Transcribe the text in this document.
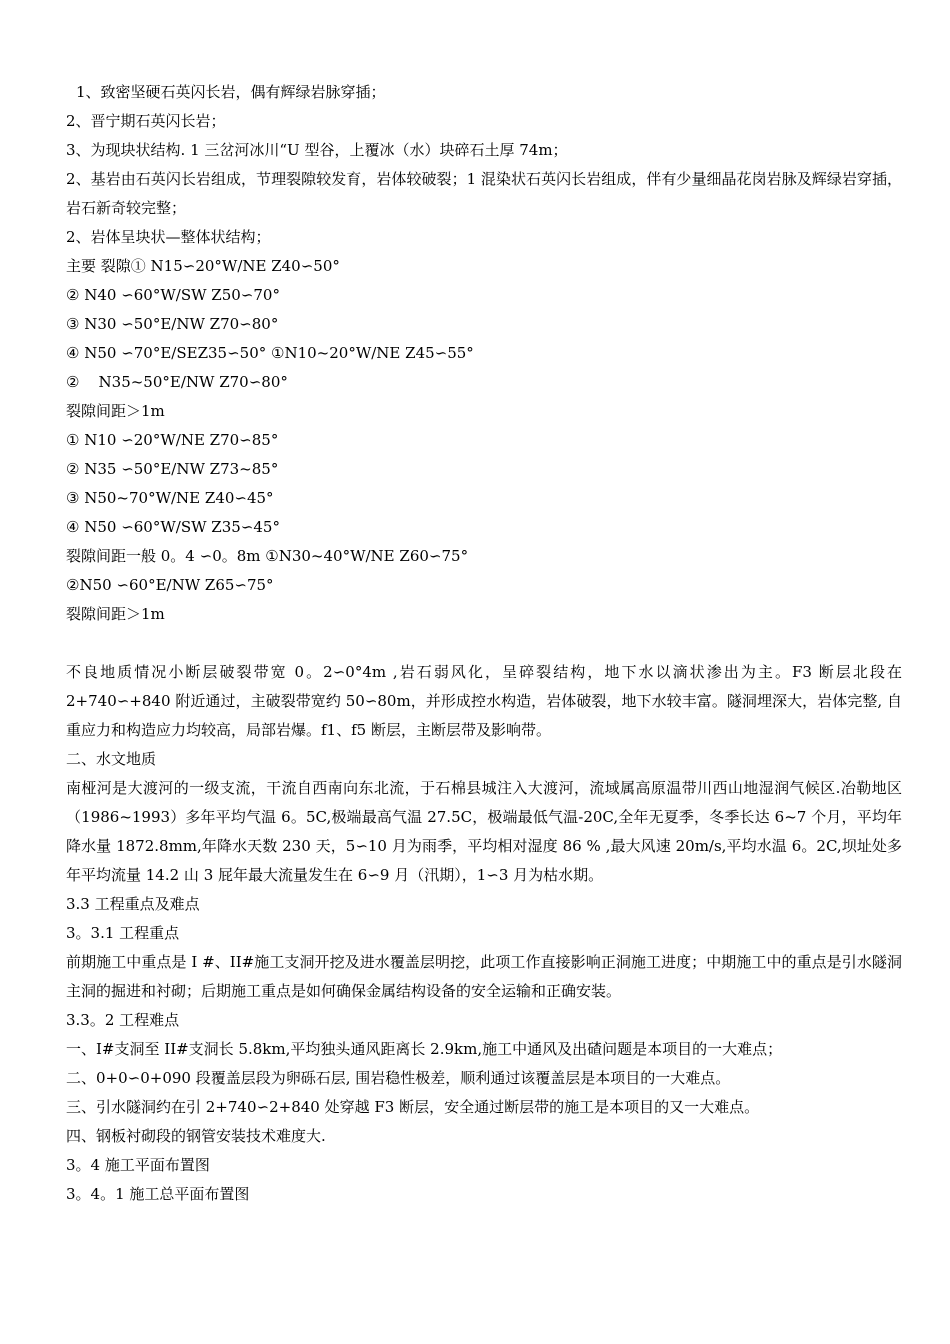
1、致密坚硬石英闪长岩，偶有辉绿岩脉穿插；

2、晋宁期石英闪长岩；

3、为现块状结构. 1 三岔河冰川“U 型谷，上覆冰（水）块碎石土厚 74m；

2、基岩由石英闪长岩组成，节理裂隙较发育，岩体较破裂；1 混染状石英闪长岩组成，伴有少量细晶花岗岩脉及辉绿岩穿插，岩石新奇较完整；

2、岩体呈块状—整体状结构；

主要 裂隙① N15∽20°W/NE Z40∽50°

② N40 ∽60°W/SW Z50∽70°

③ N30 ∽50°E/NW Z70∽80°

④ N50 ∽70°E/SEZ35∽50° ①N10~20°W/NE Z45∽55°

②    N35~50°E/NW Z70∽80°

裂隙间距＞1m

① N10 ∽20°W/NE Z70∽85°

② N35 ∽50°E/NW Z73~85°

③ N50~70°W/NE Z40∽45°

④ N50 ∽60°W/SW Z35∽45°

裂隙间距一般 0。4 ∽0。8m ①N30~40°W/NE Z60∽75°

②N50 ∽60°E/NW Z65∽75°

裂隙间距＞1m

不良地质情况小断层破裂带宽 0。2∽0°4m ,岩石弱风化，呈碎裂结构，地下水以滴状渗出为主。F3 断层北段在 2+740∽+840 附近通过，主破裂带宽约 50∽80m，并形成控水构造，岩体破裂，地下水较丰富。隧洞埋深大，岩体完整, 自重应力和构造应力均较高，局部岩爆。f1、f5 断层，主断层带及影响带。

二、水文地质

南桠河是大渡河的一级支流，干流自西南向东北流，于石棉县城注入大渡河，流域属高原温带川西山地湿润气候区.冶勒地区（1986~1993）多年平均气温 6。5C,极端最高气温 27.5C，极端最低气温-20C,全年无夏季，冬季长达 6~7 个月，平均年降水量 1872.8mm,年降水天数 230 天，5∽10 月为雨季，平均相对湿度 86 % ,最大风速 20m/s,平均水温 6。2C,坝址处多年平均流量 14.2 山 3 屁年最大流量发生在 6∽9 月（汛期），1∽3 月为枯水期。

3.3 工程重点及难点

3。3.1 工程重点

前期施工中重点是 I #、II#施工支洞开挖及进水覆盖层明挖，此项工作直接影响正洞施工进度；中期施工中的重点是引水隧洞主洞的掘进和衬砌；后期施工重点是如何确保金属结构设备的安全运输和正确安装。

3.3。2 工程难点

一、I#支洞至 II#支洞长 5.8km,平均独头通风距离长 2.9km,施工中通风及出碴问题是本项目的一大难点；

二、0+0∽0+090 段覆盖层段为卵砾石层, 围岩稳性极差，顺利通过该覆盖层是本项目的一大难点。

三、引水隧洞约在引 2+740∽2+840 处穿越 F3 断层，安全通过断层带的施工是本项目的又一大难点。

四、钢板衬砌段的钢管安装技术难度大.

3。4 施工平面布置图

3。4。1 施工总平面布置图
